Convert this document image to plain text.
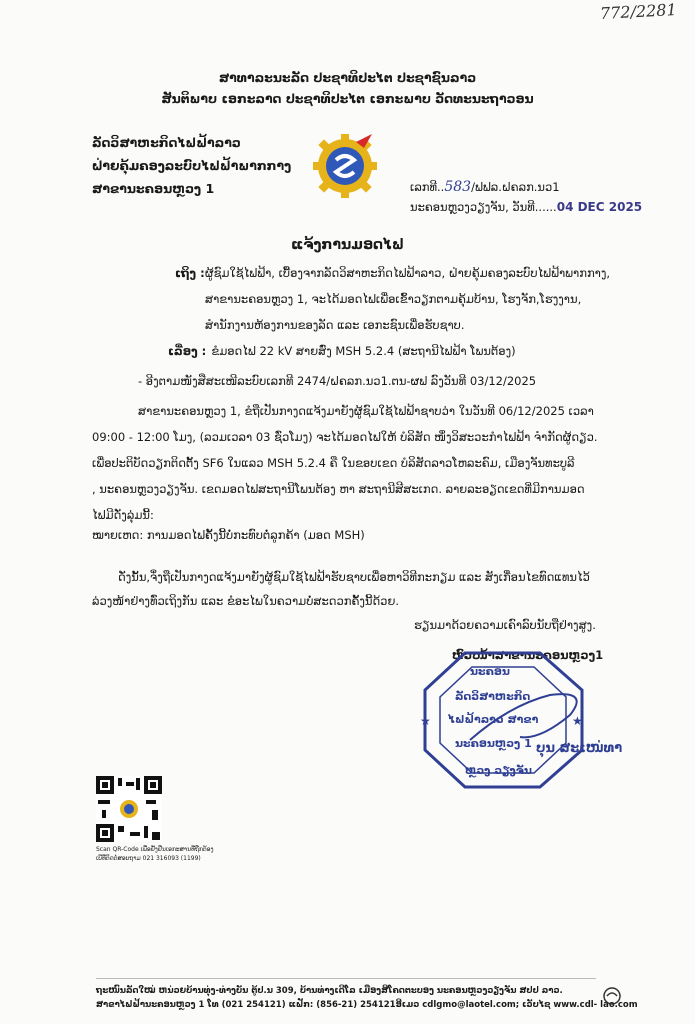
772/2281
ສາທາລະນະລັດ ປະຊາທິປະໄຕ ປະຊາຊົນລາວ
ສັນຕິພາບ ເອກະລາດ ປະຊາທິປະໄຕ ເອກະພາບ ວັດທະນະຖາວອນ
ລັດວິສາຫະກິດໄຟຟ້າລາວ
ຝ່າຍຄຸ້ມຄອງລະບົບໄຟຟ້າພາກກາງ
ສາຂານະຄອນຫຼວງ 1	ເລກທີ..583/ຟຟລ.ຝຄລກ.ນວ1
ນະຄອນຫຼວງວຽງຈັນ, ວັນທີ......04 DEC 2025
ແຈ້ງການມອດໄຟ
ເຖິງ : ຜູ້ຊົມໃຊ້ໄຟຟ້າ, ເບື້ອງຈາກລັດວິສາຫະກິດໄຟຟ້າລາວ, ຝ່າຍຄຸ້ມຄອງລະບົບໄຟຟ້າພາກກາງ,
ສາຂານະຄອນຫຼວງ 1, ຈະໄດ້ມອດໄຟເພື່ອເຂົ້າວຽກຕາມຄຸ້ມບ້ານ, ໂຮງຈັກ,ໂຮງງານ,
ສໍານັກງານຫ້ອງການຂອງລັດ ແລະ ເອກະຊົນເພື່ອຮັບຊາບ.
ເລື່ອງ : ຂໍມອດໄຟ 22 kV ສາຍສົ່ງ MSH 5.2.4 (ສະຖານີໄຟຟ້າ ໂພນຕ້ອງ)
- ອີງຕາມໜັງສືສະເໜີລະບົບເລກທີ 2474/ຝຄລກ.ນວ1.ຕນ-ຜຟ ລົງວັນທີ 03/12/2025
ສາຂານະຄອນຫຼວງ 1, ຂໍຖືເປັນກາງດແຈ້ງມາຍັງຜູ້ຊົມໃຊ້ໄຟຟ້າຊາບວ່າ ໃນວັນທີ 06/12/2025 ເວລາ
09:00 - 12:00 ໂມງ, (ລວມເວລາ 03 ຊົ່ວໂມງ) ຈະໄດ້ມອດໄຟໃຫ້ ບໍລິສັດ ໜຶ່ງວິສະວະກໍາໄຟຟ້າ ຈໍາກັດຜູ້ດຽວ.
ເພື່ອປະຕິບັດວຽກຕິດຕັ້ງ SF6 ໃນແລວ MSH 5.2.4 ຄື ໃນຂອບເຂດ ບໍລິສັດລາວໂຫລະຄົມ, ເມືອງຈັນທະບູລີ
, ນະຄອນຫຼວງວຽງຈັນ. ເຂດມອດໄຟສະຖານີໂພນຕ້ອງ ຫາ ສະຖານີສີສະເກດ. ລາຍລະອຽດເຂດທີ່ມີການມອດ
ໄຟມີດັ່ງລຸ່ມນີ້:
ໝາຍເຫດ: ການມອດໄຟຄັ້ງນີ້ບໍ່ກະທົບຕໍ່ລູກຄ້າ (ມອດ MSH)
ດັ່ງນັ້ນ,ຈຶ່ງຖືເປັນກາງດແຈ້ງມາຍັງຜູ້ຊົມໃຊ້ໄຟຟ້າຮັບຊາບເພື່ອຫາວິທີກະກຽມ ແລະ ສັງເກື່ອນໄຂທົດແທນໄວ້
ລ່ວງໜ້າຢ່າງທົ່ວເຖິງກັນ ແລະ ຂໍອະໄພໃນຄວາມບໍ່ສະດວກຄັ້ງນີ້ດ້ວຍ.
ຮຽນມາດ້ວຍຄວາມເຄົາລົບນັບຖືຢ່າງສູງ.
ຫົວໜ້າສາຂານະຄອນຫຼວງ1
★	★
ນະຄອນ
ລັດວິສາຫະກິດ
ໄຟຟ້າລາວ ສາຂາ
ນະຄອນຫຼວງ 1
ຫຼວງ ວຽງຈັນ
ບຸນ ສະເໜ່ທາ
Scan QR-Code ເພື່ອຢັ້ງຢືນເອກະສານທີ່ຖືກຕ້ອງ
ເບີທີ່ຕິດຕໍ່ສອບຖາມ 021 316093 (1199)
ຖະໜົນລັດໃໝ່ ຫນ່ວຍບ້ານທຸ່ງ-ທ່າງບັນ ຕູ້ປ.ນ 309, ບ້ານທ່າງເດີໂລ ເມືອງສີໂຄດຕະບອງ ນະຄອນຫຼວງວຽງຈັນ ສປປ ລາວ.
ສາຂາໄຟຟ້ານະຄອນຫຼວງ 1 ໂທ (021 254121) ແຟັກ: (856-21) 254121ອີເມວ cdlgmo@laotel.com; ເວັບໄຊ www.cdl- lao.com
